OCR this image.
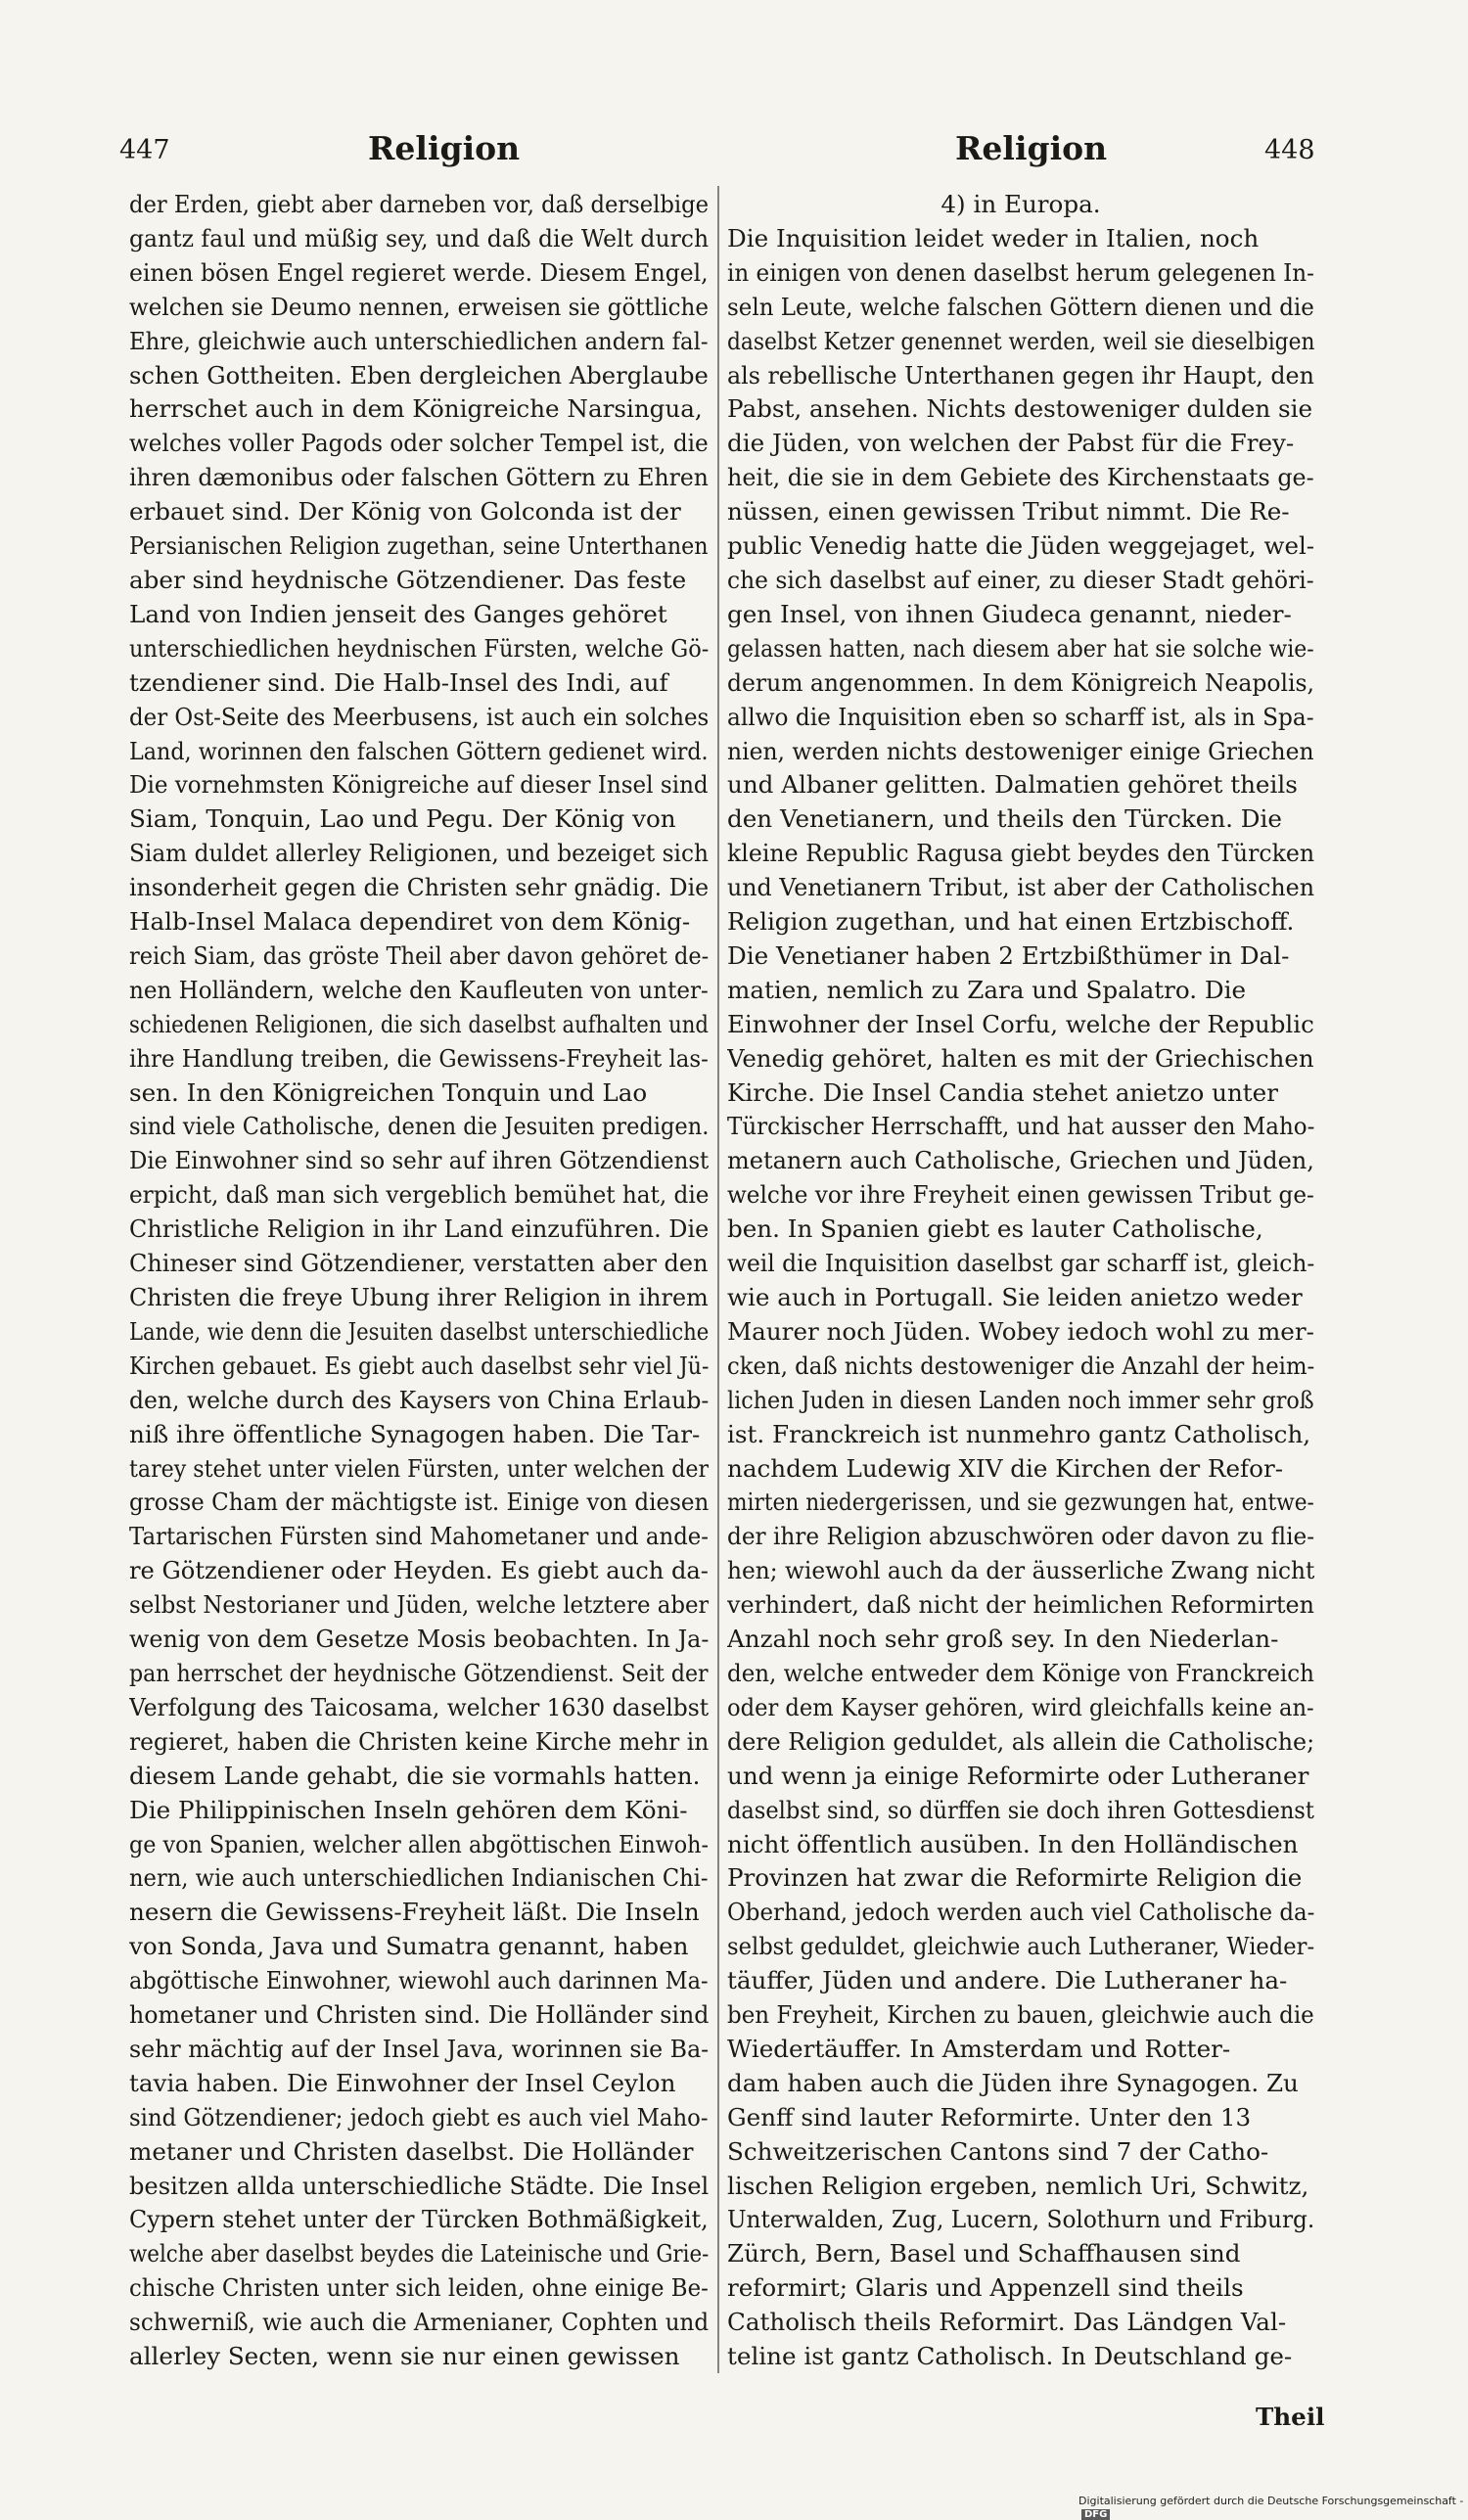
447	Religion	Religion	448
der Erden, giebt aber darneben vor, daß derselbige
gantz faul und müßig sey, und daß die Welt durch
einen bösen Engel regieret werde. Diesem Engel,
welchen sie Deumo nennen, erweisen sie göttliche
Ehre, gleichwie auch unterschiedlichen andern fal-
schen Gottheiten. Eben dergleichen Aberglaube
herrschet auch in dem Königreiche Narsingua,
welches voller Pagods oder solcher Tempel ist, die
ihren dæmonibus oder falschen Göttern zu Ehren
erbauet sind. Der König von Golconda ist der
Persianischen Religion zugethan, seine Unterthanen
aber sind heydnische Götzendiener. Das feste
Land von Indien jenseit des Ganges gehöret
unterschiedlichen heydnischen Fürsten, welche Gö-
tzendiener sind. Die Halb-Insel des Indi, auf
der Ost-Seite des Meerbusens, ist auch ein solches
Land, worinnen den falschen Göttern gedienet wird.
Die vornehmsten Königreiche auf dieser Insel sind
Siam, Tonquin, Lao und Pegu. Der König von
Siam duldet allerley Religionen, und bezeiget sich
insonderheit gegen die Christen sehr gnädig. Die
Halb-Insel Malaca dependiret von dem König-
reich Siam, das gröste Theil aber davon gehöret de-
nen Holländern, welche den Kaufleuten von unter-
schiedenen Religionen, die sich daselbst aufhalten und
ihre Handlung treiben, die Gewissens-Freyheit las-
sen. In den Königreichen Tonquin und Lao
sind viele Catholische, denen die Jesuiten predigen.
Die Einwohner sind so sehr auf ihren Götzendienst
erpicht, daß man sich vergeblich bemühet hat, die
Christliche Religion in ihr Land einzuführen. Die
Chineser sind Götzendiener, verstatten aber den
Christen die freye Ubung ihrer Religion in ihrem
Lande, wie denn die Jesuiten daselbst unterschiedliche
Kirchen gebauet. Es giebt auch daselbst sehr viel Jü-
den, welche durch des Kaysers von China Erlaub-
niß ihre öffentliche Synagogen haben. Die Tar-
tarey stehet unter vielen Fürsten, unter welchen der
grosse Cham der mächtigste ist. Einige von diesen
Tartarischen Fürsten sind Mahometaner und ande-
re Götzendiener oder Heyden. Es giebt auch da-
selbst Nestorianer und Jüden, welche letztere aber
wenig von dem Gesetze Mosis beobachten. In Ja-
pan herrschet der heydnische Götzendienst. Seit der
Verfolgung des Taicosama, welcher 1630 daselbst
regieret, haben die Christen keine Kirche mehr in
diesem Lande gehabt, die sie vormahls hatten.
Die Philippinischen Inseln gehören dem Köni-
ge von Spanien, welcher allen abgöttischen Einwoh-
nern, wie auch unterschiedlichen Indianischen Chi-
nesern die Gewissens-Freyheit läßt. Die Inseln
von Sonda, Java und Sumatra genannt, haben
abgöttische Einwohner, wiewohl auch darinnen Ma-
hometaner und Christen sind. Die Holländer sind
sehr mächtig auf der Insel Java, worinnen sie Ba-
tavia haben. Die Einwohner der Insel Ceylon
sind Götzendiener; jedoch giebt es auch viel Maho-
metaner und Christen daselbst. Die Holländer
besitzen allda unterschiedliche Städte. Die Insel
Cypern stehet unter der Türcken Bothmäßigkeit,
welche aber daselbst beydes die Lateinische und Grie-
chische Christen unter sich leiden, ohne einige Be-
schwerniß, wie auch die Armenianer, Cophten und
allerley Secten, wenn sie nur einen gewissen
4) in Europa.
Die Inquisition leidet weder in Italien, noch
in einigen von denen daselbst herum gelegenen In-
seln Leute, welche falschen Göttern dienen und die
daselbst Ketzer genennet werden, weil sie dieselbigen
als rebellische Unterthanen gegen ihr Haupt, den
Pabst, ansehen. Nichts destoweniger dulden sie
die Jüden, von welchen der Pabst für die Frey-
heit, die sie in dem Gebiete des Kirchenstaats ge-
nüssen, einen gewissen Tribut nimmt. Die Re-
public Venedig hatte die Jüden weggejaget, wel-
che sich daselbst auf einer, zu dieser Stadt gehöri-
gen Insel, von ihnen Giudeca genannt, nieder-
gelassen hatten, nach diesem aber hat sie solche wie-
derum angenommen. In dem Königreich Neapolis,
allwo die Inquisition eben so scharff ist, als in Spa-
nien, werden nichts destoweniger einige Griechen
und Albaner gelitten. Dalmatien gehöret theils
den Venetianern, und theils den Türcken. Die
kleine Republic Ragusa giebt beydes den Türcken
und Venetianern Tribut, ist aber der Catholischen
Religion zugethan, und hat einen Ertzbischoff.
Die Venetianer haben 2 Ertzbißthümer in Dal-
matien, nemlich zu Zara und Spalatro. Die
Einwohner der Insel Corfu, welche der Republic
Venedig gehöret, halten es mit der Griechischen
Kirche. Die Insel Candia stehet anietzo unter
Türckischer Herrschafft, und hat ausser den Maho-
metanern auch Catholische, Griechen und Jüden,
welche vor ihre Freyheit einen gewissen Tribut ge-
ben. In Spanien giebt es lauter Catholische,
weil die Inquisition daselbst gar scharff ist, gleich-
wie auch in Portugall. Sie leiden anietzo weder
Maurer noch Jüden. Wobey iedoch wohl zu mer-
cken, daß nichts destoweniger die Anzahl der heim-
lichen Juden in diesen Landen noch immer sehr groß
ist. Franckreich ist nunmehro gantz Catholisch,
nachdem Ludewig XIV die Kirchen der Refor-
mirten niedergerissen, und sie gezwungen hat, entwe-
der ihre Religion abzuschwören oder davon zu flie-
hen; wiewohl auch da der äusserliche Zwang nicht
verhindert, daß nicht der heimlichen Reformirten
Anzahl noch sehr groß sey. In den Niederlan-
den, welche entweder dem Könige von Franckreich
oder dem Kayser gehören, wird gleichfalls keine an-
dere Religion geduldet, als allein die Catholische;
und wenn ja einige Reformirte oder Lutheraner
daselbst sind, so dürffen sie doch ihren Gottesdienst
nicht öffentlich ausüben. In den Holländischen
Provinzen hat zwar die Reformirte Religion die
Oberhand, jedoch werden auch viel Catholische da-
selbst geduldet, gleichwie auch Lutheraner, Wieder-
täuffer, Jüden und andere. Die Lutheraner ha-
ben Freyheit, Kirchen zu bauen, gleichwie auch die
Wiedertäuffer. In Amsterdam und Rotter-
dam haben auch die Jüden ihre Synagogen. Zu
Genff sind lauter Reformirte. Unter den 13
Schweitzerischen Cantons sind 7 der Catho-
lischen Religion ergeben, nemlich Uri, Schwitz,
Unterwalden, Zug, Lucern, Solothurn und Friburg.
Zürch, Bern, Basel und Schaffhausen sind
reformirt; Glaris und Appenzell sind theils
Catholisch theils Reformirt. Das Ländgen Val-
teline ist gantz Catholisch. In Deutschland ge-
Theil
Digitalisierung gefördert durch die Deutsche Forschungsgemeinschaft -DFG
